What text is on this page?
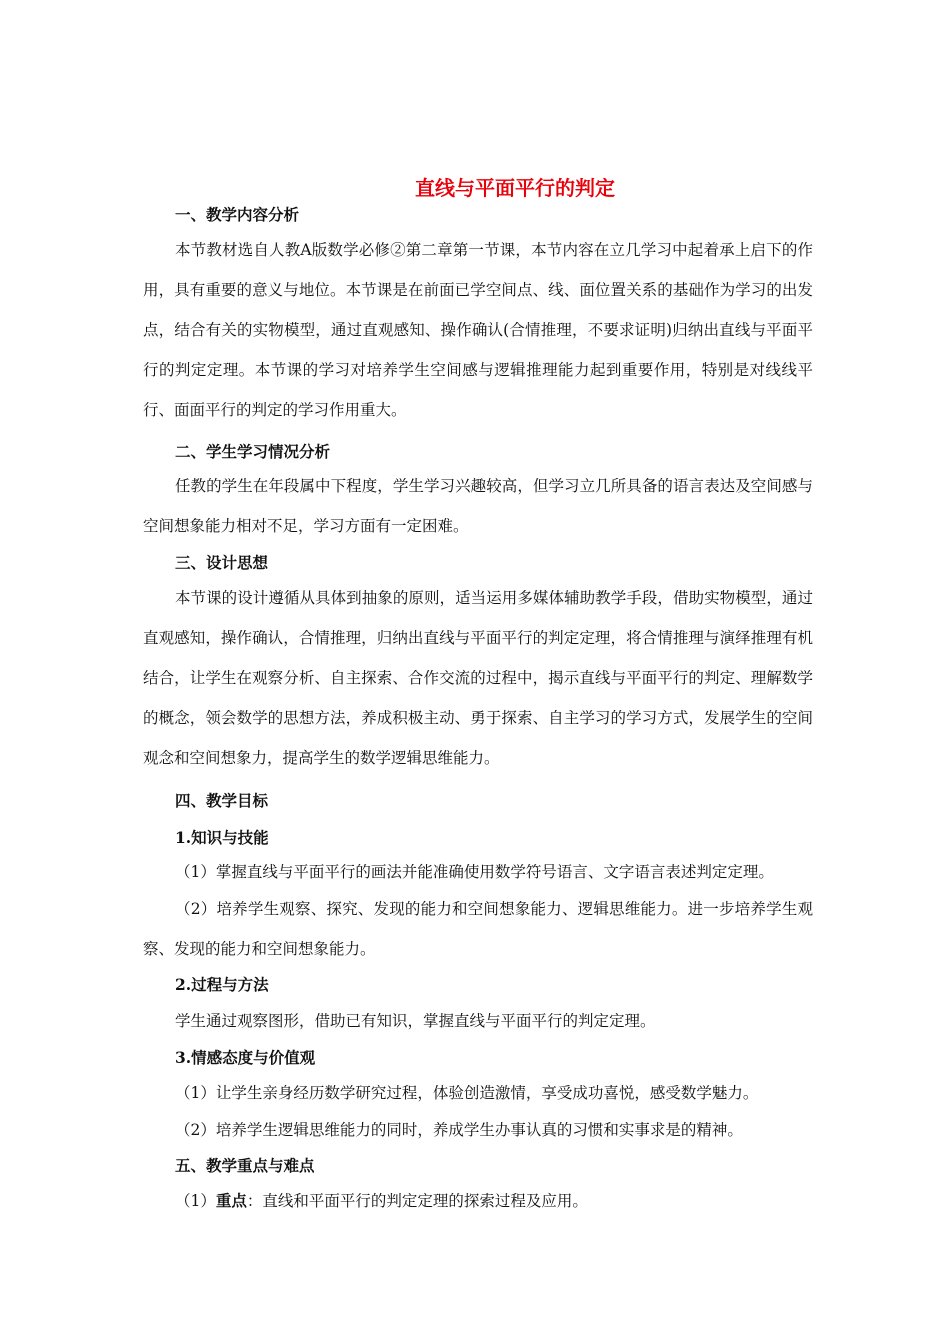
直线与平面平行的判定
一、教学内容分析

本节教材选自人教A版数学必修②第二章第一节课，本节内容在立几学习中起着承上启下的作用，具有重要的意义与地位。本节课是在前面已学空间点、线、面位置关系的基础作为学习的出发点，结合有关的实物模型，通过直观感知、操作确认(合情推理，不要求证明)归纳出直线与平面平行的判定定理。本节课的学习对培养学生空间感与逻辑推理能力起到重要作用，特别是对线线平行、面面平行的判定的学习作用重大。

二、学生学习情况分析

任教的学生在年段属中下程度，学生学习兴趣较高，但学习立几所具备的语言表达及空间感与空间想象能力相对不足，学习方面有一定困难。

三、设计思想

本节课的设计遵循从具体到抽象的原则，适当运用多媒体辅助教学手段，借助实物模型，通过直观感知，操作确认，合情推理，归纳出直线与平面平行的判定定理，将合情推理与演绎推理有机结合，让学生在观察分析、自主探索、合作交流的过程中，揭示直线与平面平行的判定、理解数学的概念，领会数学的思想方法，养成积极主动、勇于探索、自主学习的学习方式，发展学生的空间观念和空间想象力，提高学生的数学逻辑思维能力。

四、教学目标
1.知识与技能
（1）掌握直线与平面平行的画法并能准确使用数学符号语言、文字语言表述判定定理。

（2）培养学生观察、探究、发现的能力和空间想象能力、逻辑思维能力。进一步培养学生观察、发现的能力和空间想象能力。

2.过程与方法
学生通过观察图形，借助已有知识，掌握直线与平面平行的判定定理。
3.情感态度与价值观
（1）让学生亲身经历数学研究过程，体验创造激情，享受成功喜悦，感受数学魅力。
（2）培养学生逻辑思维能力的同时，养成学生办事认真的习惯和实事求是的精神。
五、教学重点与难点
（1）重点：直线和平面平行的判定定理的探索过程及应用。
